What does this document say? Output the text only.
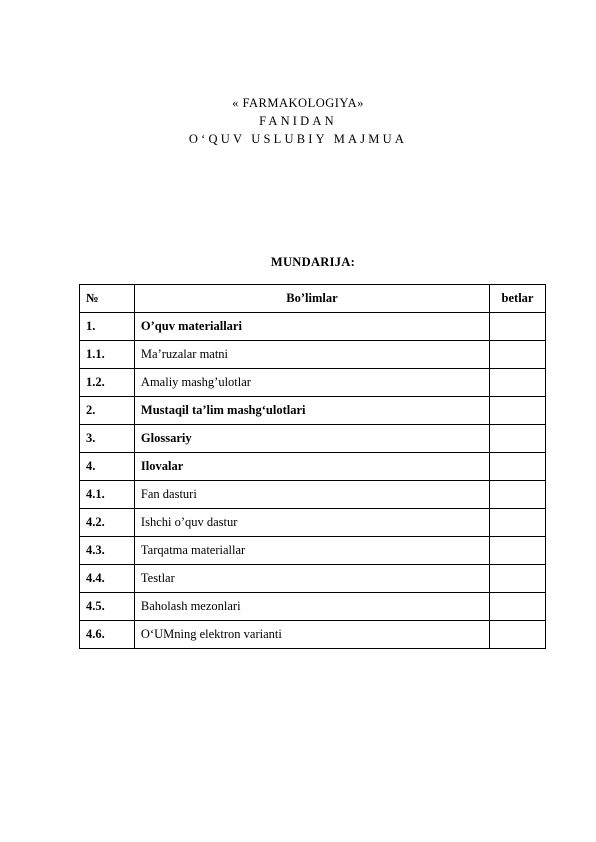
« FARMAKOLOGIYA»
FANIDAN
O‘QUV USLUBIY MAJMUA
MUNDARIJA:
№	Bo’limlar	betlar
1.	O’quv materiallari	
1.1.	Ma’ruzalar matni	
1.2.	Amaliy mashg’ulotlar	
2.	Mustaqil ta’lim mashg‘ulotlari	
3.	Glossariy	
4.	Ilovalar	
4.1.	Fan dasturi	
4.2.	Ishchi o’quv dastur	
4.3.	Tarqatma materiallar	
4.4.	Testlar	
4.5.	Baholash mezonlari	
4.6.	O‘UMning elektron varianti	
